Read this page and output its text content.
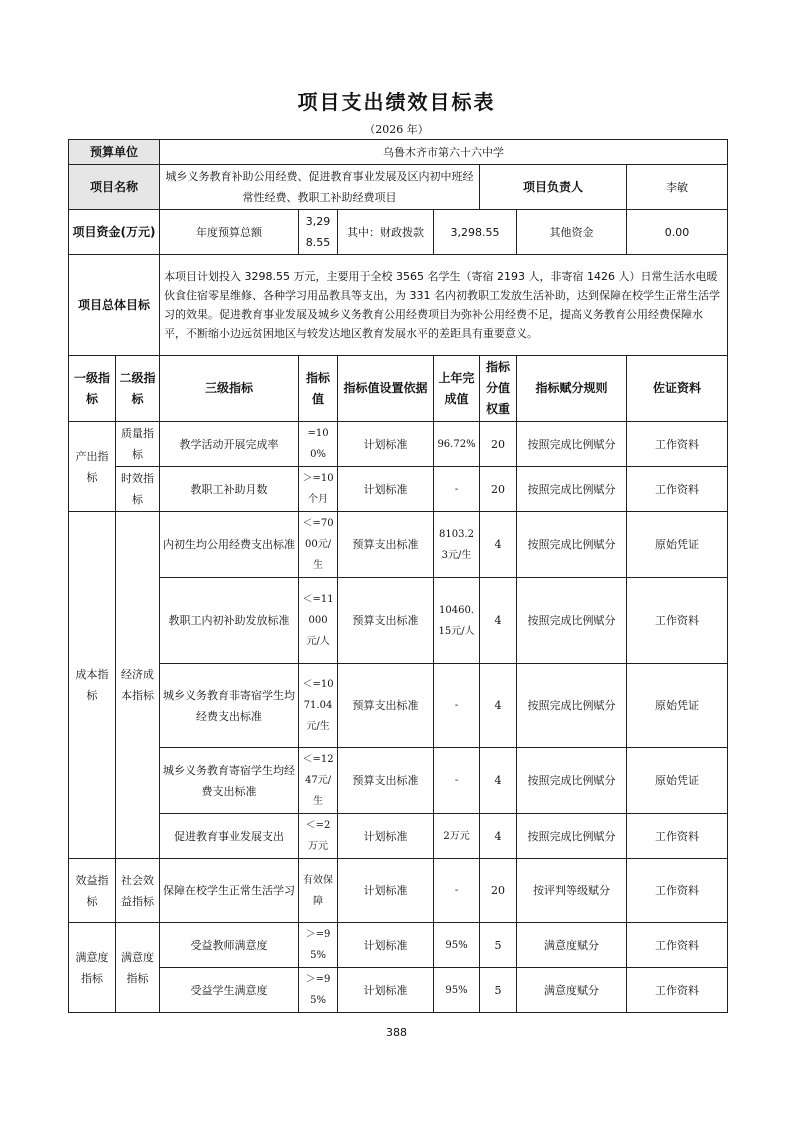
项目支出绩效目标表
（2026 年）
预算单位		乌鲁木齐市第六十六中学						
项目名称		城乡义务教育补助公用经费、促进教育事业发展及区内初中班经常性经费、教职工补助经费项目				项目负责人		李敏
项目资金(万元)		年度预算总额	3,298.55	其中：财政拨款	3,298.55		其他资金	0.00
项目总体目标		本项目计划投入 3298.55 万元，主要用于全校 3565 名学生（寄宿 2193 人，非寄宿 1426 人）日常生活水电暖伙食住宿零星维修、各种学习用品教具等支出，为 331 名内初教职工发放生活补助，达到保障在校学生正常生活学习的效果。促进教育事业发展及城乡义务教育公用经费项目为弥补公用经费不足，提高义务教育公用经费保障水平，不断缩小边远贫困地区与较发达地区教育发展水平的差距具有重要意义。						
一级指标	二级指标	三级指标	指标值	指标值设置依据	上年完成值	指标分值权重	指标赋分规则	佐证资料
产出指标	质量指标	教学活动开展完成率	=100%	计划标准	96.72%	20	按照完成比例赋分	工作资料
	时效指标	教职工补助月数	＞=10个月	计划标准	-	20	按照完成比例赋分	工作资料
成本指标	经济成本指标	内初生均公用经费支出标准	＜=7000元/生	预算支出标准	8103.23元/生	4	按照完成比例赋分	原始凭证
		教职工内初补助发放标准	＜=11000元/人	预算支出标准	10460.15元/人	4	按照完成比例赋分	工作资料
		城乡义务教育非寄宿学生均经费支出标准	＜=1071.04元/生	预算支出标准	-	4	按照完成比例赋分	原始凭证
		城乡义务教育寄宿学生均经费支出标准	＜=1247元/生	预算支出标准	-	4	按照完成比例赋分	原始凭证
		促进教育事业发展支出	＜=2万元	计划标准	2万元	4	按照完成比例赋分	工作资料
效益指标	社会效益指标	保障在校学生正常生活学习	有效保障	计划标准	-	20	按评判等级赋分	工作资料
满意度指标	满意度指标	受益教师满意度	＞=95%	计划标准	95%	5	满意度赋分	工作资料
		受益学生满意度	＞=95%	计划标准	95%	5	满意度赋分	工作资料
388
